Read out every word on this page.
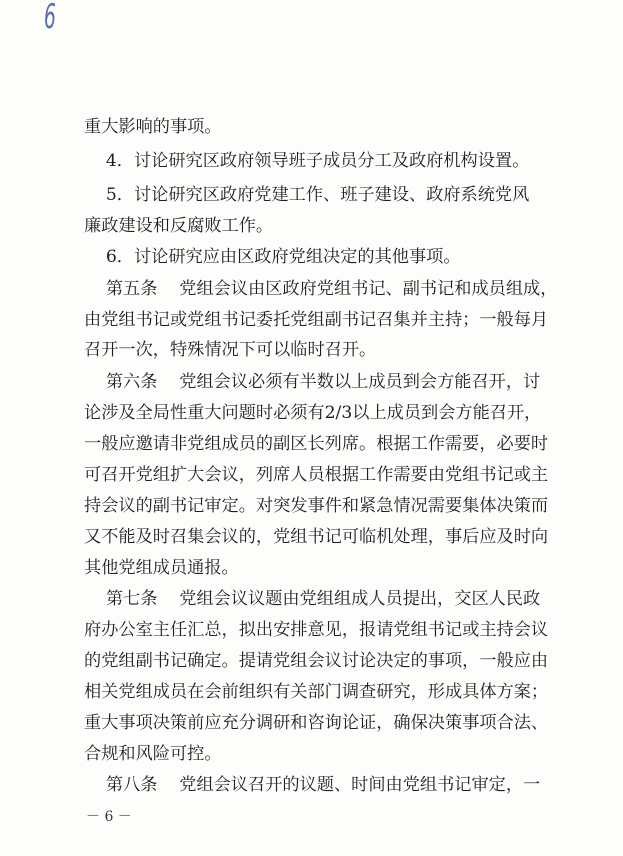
6
重大影响的事项。
4．讨论研究区政府领导班子成员分工及政府机构设置。
5．讨论研究区政府党建工作、班子建设、政府系统党风
廉政建设和反腐败工作。
6．讨论研究应由区政府党组决定的其他事项。
第五条    党组会议由区政府党组书记、副书记和成员组成，
由党组书记或党组书记委托党组副书记召集并主持；一般每月
召开一次，特殊情况下可以临时召开。
第六条    党组会议必须有半数以上成员到会方能召开，讨
论涉及全局性重大问题时必须有2/3以上成员到会方能召开，
一般应邀请非党组成员的副区长列席。根据工作需要，必要时
可召开党组扩大会议，列席人员根据工作需要由党组书记或主
持会议的副书记审定。对突发事件和紧急情况需要集体决策而
又不能及时召集会议的，党组书记可临机处理，事后应及时向
其他党组成员通报。
第七条    党组会议议题由党组组成人员提出，交区人民政
府办公室主任汇总，拟出安排意见，报请党组书记或主持会议
的党组副书记确定。提请党组会议讨论决定的事项，一般应由
相关党组成员在会前组织有关部门调查研究，形成具体方案；
重大事项决策前应充分调研和咨询论证，确保决策事项合法、
合规和风险可控。
第八条    党组会议召开的议题、时间由党组书记审定，一
－ 6 －
